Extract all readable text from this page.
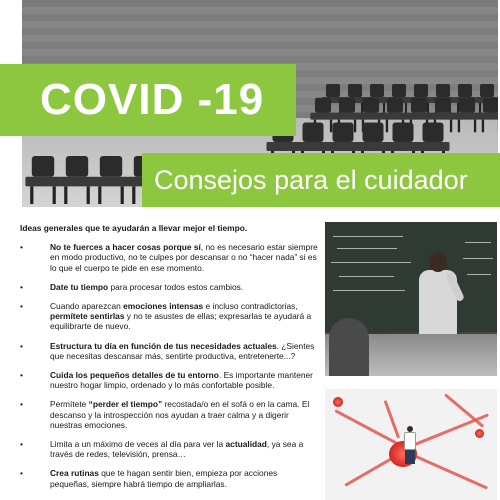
COVID -19
Consejos para el cuidador

Ideas generales que te ayudarán a llevar mejor el tiempo.

•	No te fuerces a hacer cosas porque sí, no es necesario estar siempre en modo productivo, no te culpes por descansar o no “hacer nada” si es lo que el cuerpo te pide en ese momento.
•	Date tu tiempo para procesar todos estos cambios.
•	Cuando aparezcan emociones intensas e incluso contradictorias, permítete sentirlas y no te asustes de ellas; expresarlas te ayudará a equilibrarte de nuevo.
•	Estructura tu día en función de tus necesidades actuales. ¿Sientes que necesitas descansar más, sentirte productiva, entretenerte...?
•	Cuida los pequeños detalles de tu entorno. Es importante mantener nuestro hogar limpio, ordenado y lo más confortable posible.
•	Permítete “perder el tiempo” recostada/o en el sofá o en la cama. El descanso y la introspección nos ayudan a traer calma y a digerir nuestras emociones.
•	Limita a un máximo de veces al día para ver la actualidad, ya sea a través de redes, televisión, prensa…
•	Crea rutinas que te hagan sentir bien, empieza por acciones pequeñas, siempre habrá tiempo de ampliarlas.
